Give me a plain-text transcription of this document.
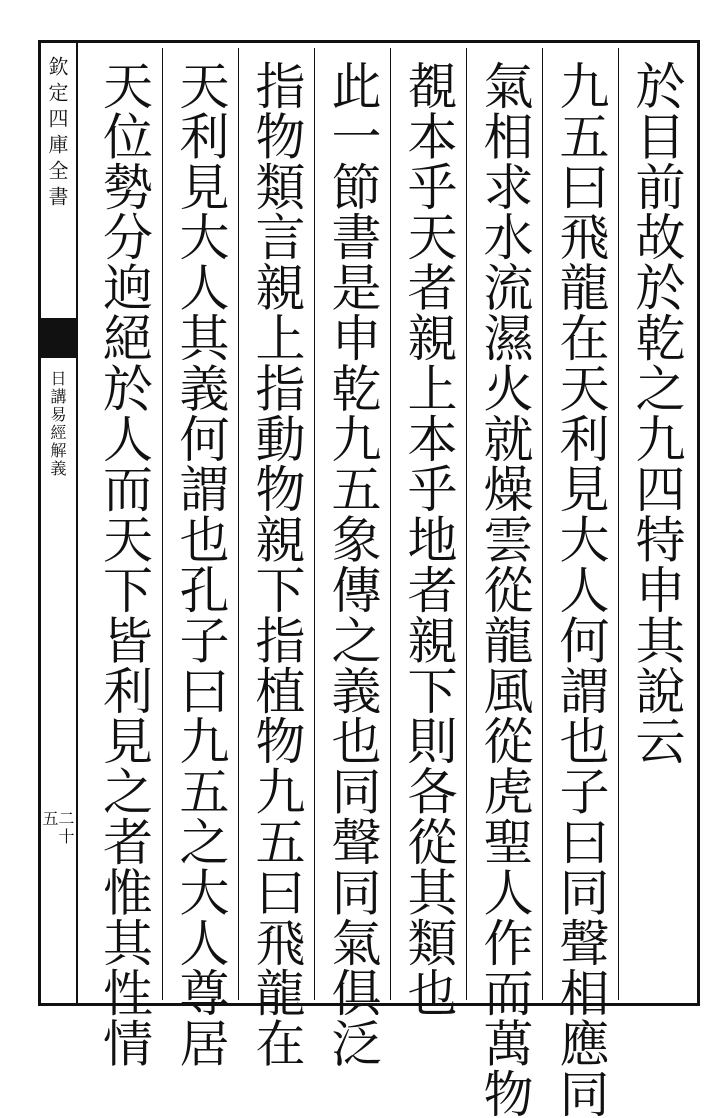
欽定四庫全書
日講易經解義
二十五
於目前故於乾之九四特申其說云
九五曰飛龍在天利見大人何謂也子曰同聲相應同
氣相求水流濕火就燥雲從龍風從虎聖人作而萬物
覩本乎天者親上本乎地者親下則各從其類也
此一節書是申乾九五象傳之義也同聲同氣俱泛
指物類言親上指動物親下指植物九五曰飛龍在
天利見大人其義何謂也孔子曰九五之大人尊居
天位勢分逈絕於人而天下皆利見之者惟其性情
